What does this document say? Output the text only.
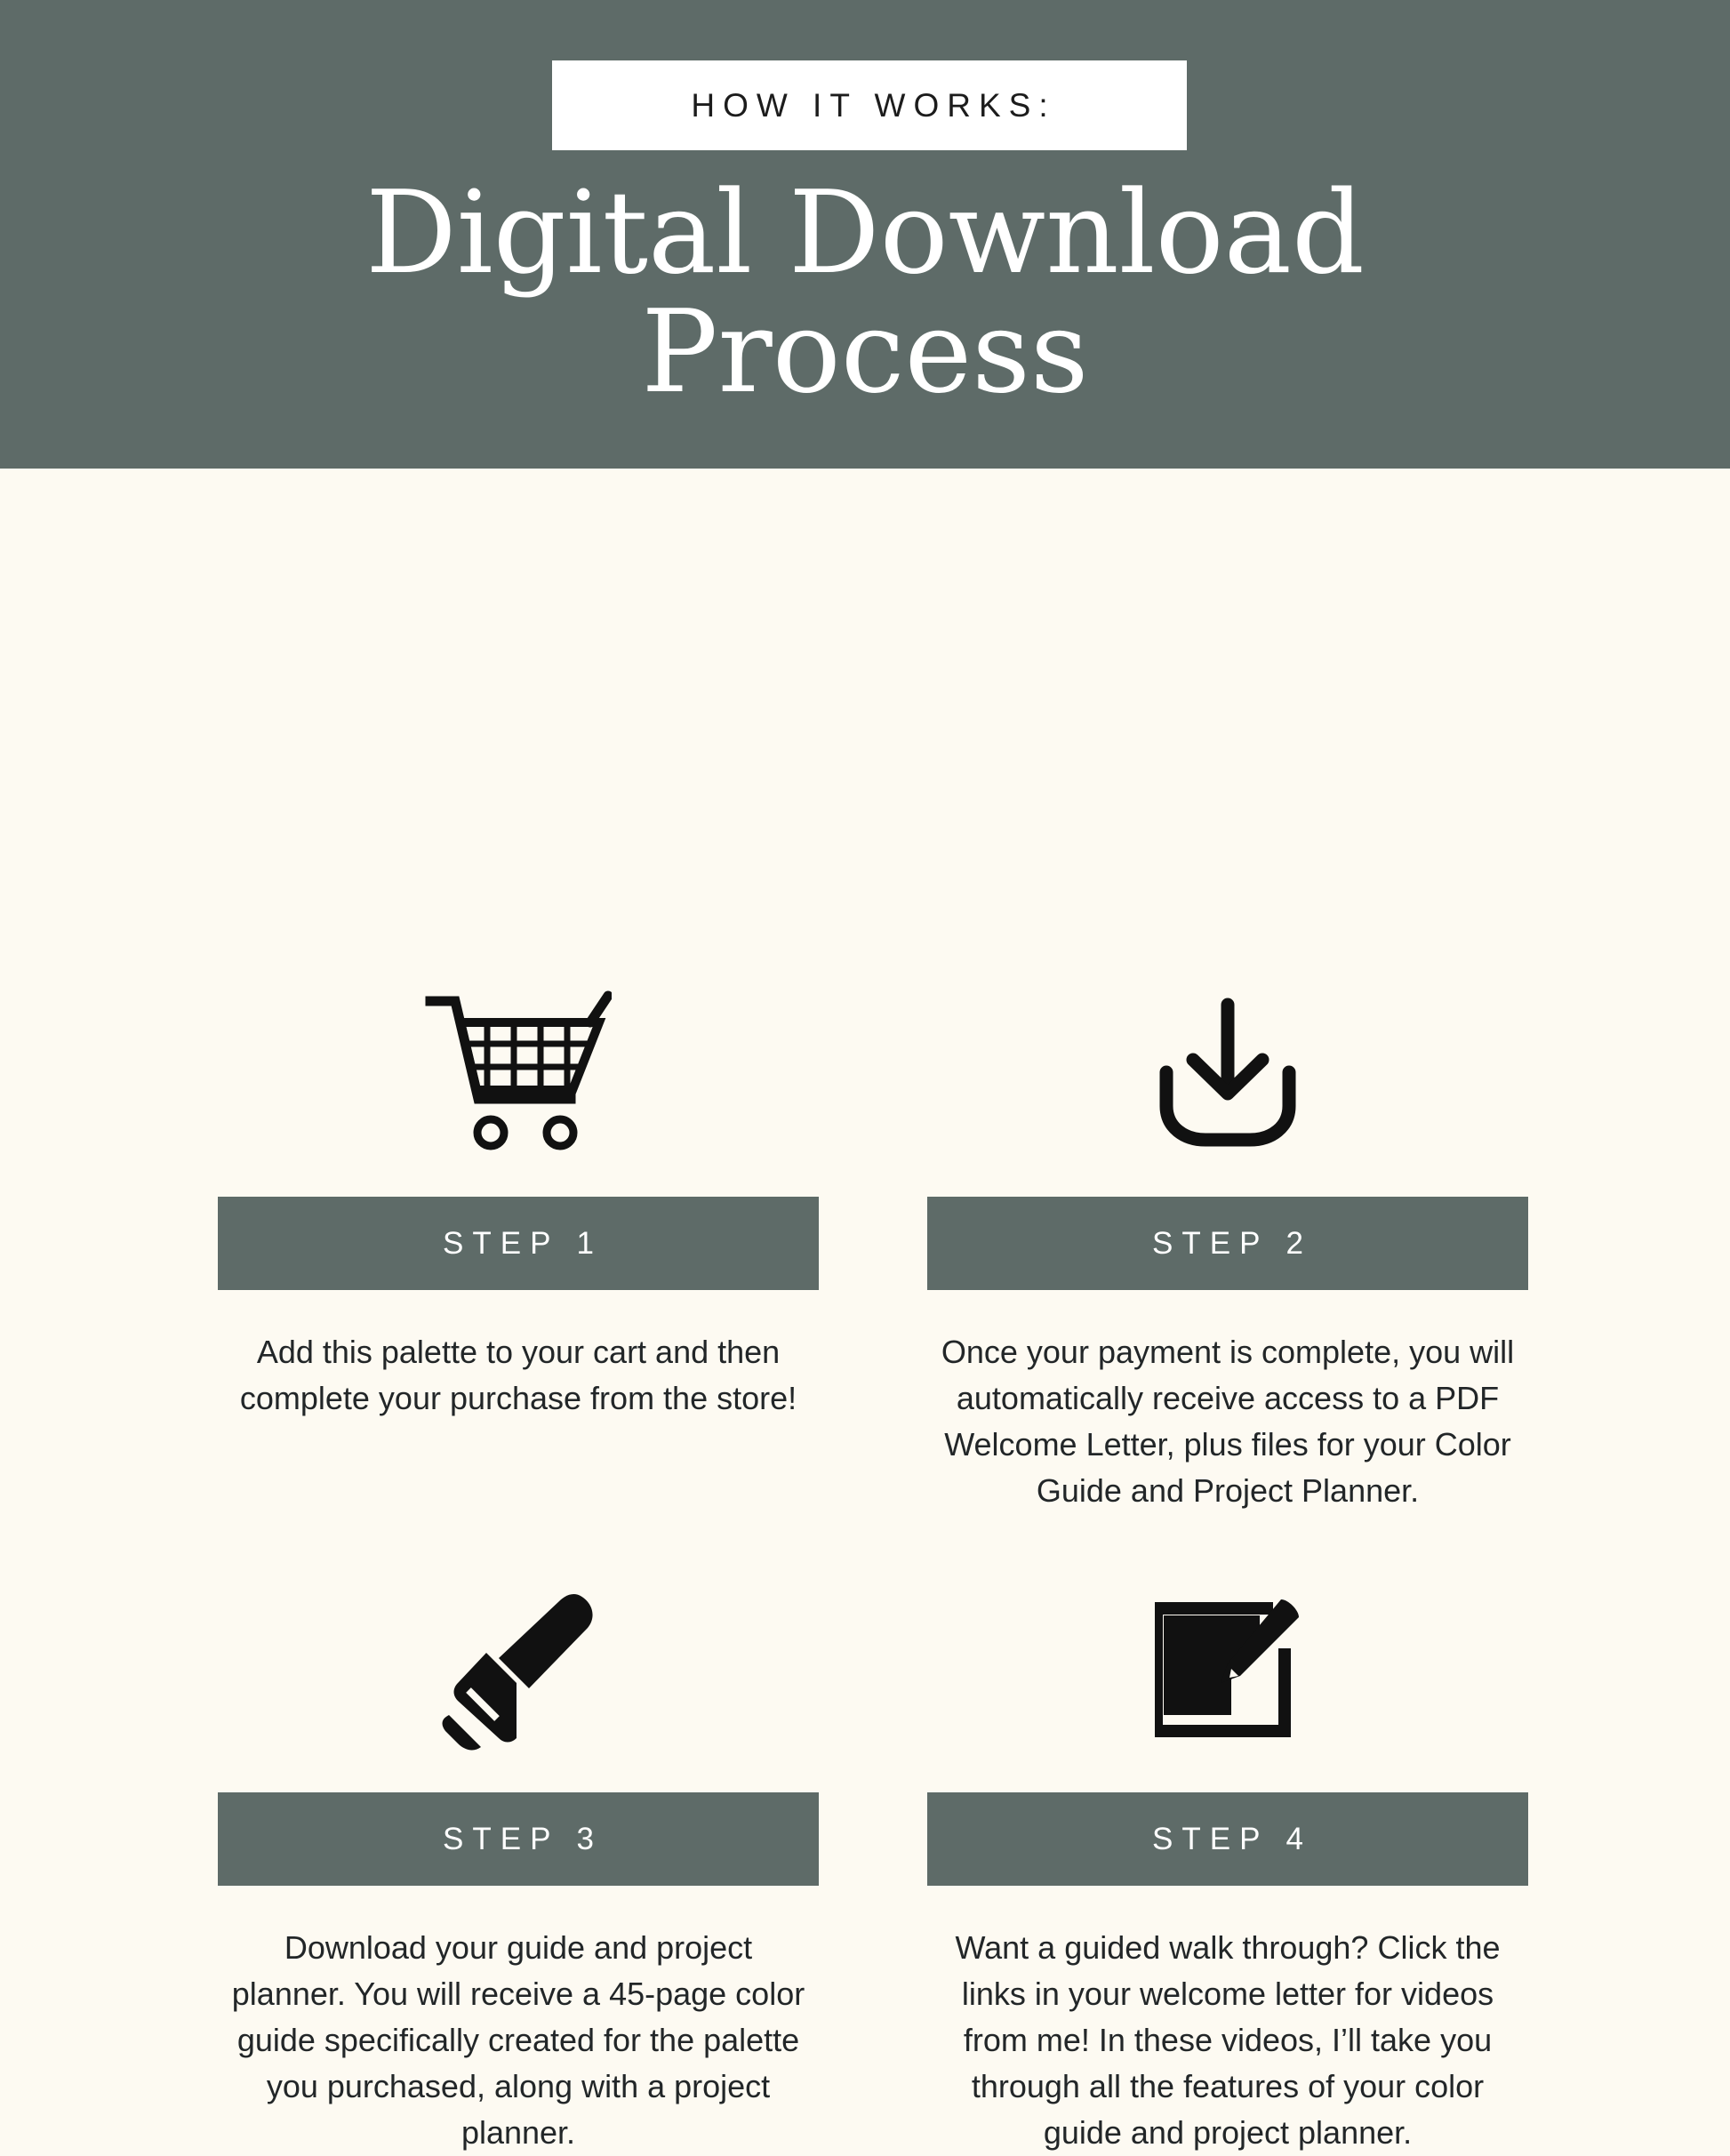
HOW IT WORKS:
Digital Download
Process
STEP 1
Add this palette to your cart and then complete your purchase from the store!
STEP 2
Once your payment is complete, you will automatically receive access to a PDF Welcome Letter, plus files for your Color Guide and Project Planner.
STEP 3
Download your guide and project planner. You will receive a 45-page color guide specifically created for the palette you purchased, along with a project planner.
STEP 4
Want a guided walk through? Click the links in your welcome letter for videos from me! In these videos, I’ll take you through all the features of your color guide and project planner.
